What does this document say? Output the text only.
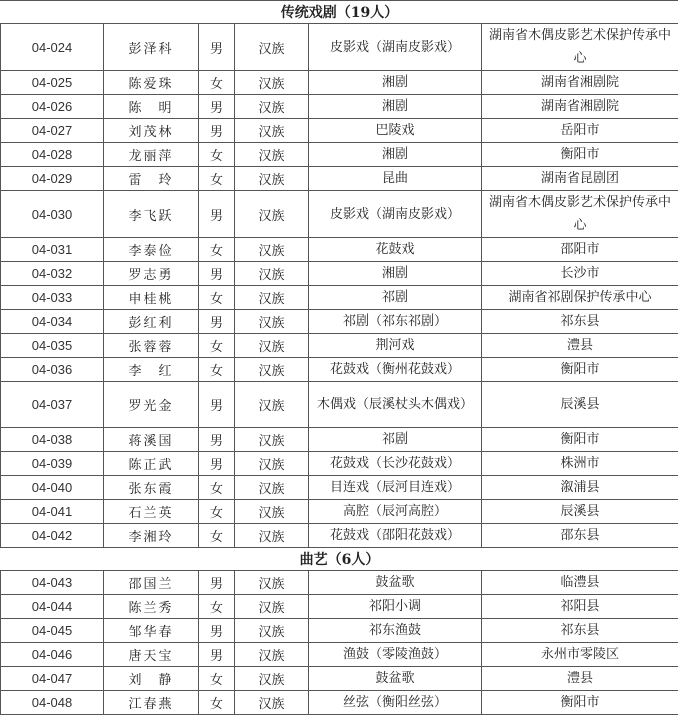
传统戏剧（19人）					
04-024	彭泽科	男	汉族	皮影戏（湖南皮影戏）	湖南省木偶皮影艺术保护传承中心
04-025	陈爱珠	女	汉族	湘剧	湖南省湘剧院
04-026	陈　明	男	汉族	湘剧	湖南省湘剧院
04-027	刘茂林	男	汉族	巴陵戏	岳阳市
04-028	龙丽萍	女	汉族	湘剧	衡阳市
04-029	雷　玲	女	汉族	昆曲	湖南省昆剧团
04-030	李飞跃	男	汉族	皮影戏（湖南皮影戏）	湖南省木偶皮影艺术保护传承中心
04-031	李泰俭	女	汉族	花鼓戏	邵阳市
04-032	罗志勇	男	汉族	湘剧	长沙市
04-033	申桂桃	女	汉族	祁剧	湖南省祁剧保护传承中心
04-034	彭红利	男	汉族	祁剧（祁东祁剧）	祁东县
04-035	张蓉蓉	女	汉族	荆河戏	澧县
04-036	李　红	女	汉族	花鼓戏（衡州花鼓戏）	衡阳市
04-037	罗光金	男	汉族	木偶戏（辰溪杖头木偶戏）	辰溪县
04-038	蒋溪国	男	汉族	祁剧	衡阳市
04-039	陈正武	男	汉族	花鼓戏（长沙花鼓戏）	株洲市
04-040	张东霞	女	汉族	目连戏（辰河目连戏）	溆浦县
04-041	石兰英	女	汉族	高腔（辰河高腔）	辰溪县
04-042	李湘玲	女	汉族	花鼓戏（邵阳花鼓戏）	邵东县
曲艺（6人）					
04-043	邵国兰	男	汉族	鼓盆歌	临澧县
04-044	陈兰秀	女	汉族	祁阳小调	祁阳县
04-045	邹华春	男	汉族	祁东渔鼓	祁东县
04-046	唐天宝	男	汉族	渔鼓（零陵渔鼓）	永州市零陵区
04-047	刘　静	女	汉族	鼓盆歌	澧县
04-048	江春燕	女	汉族	丝弦（衡阳丝弦）	衡阳市
